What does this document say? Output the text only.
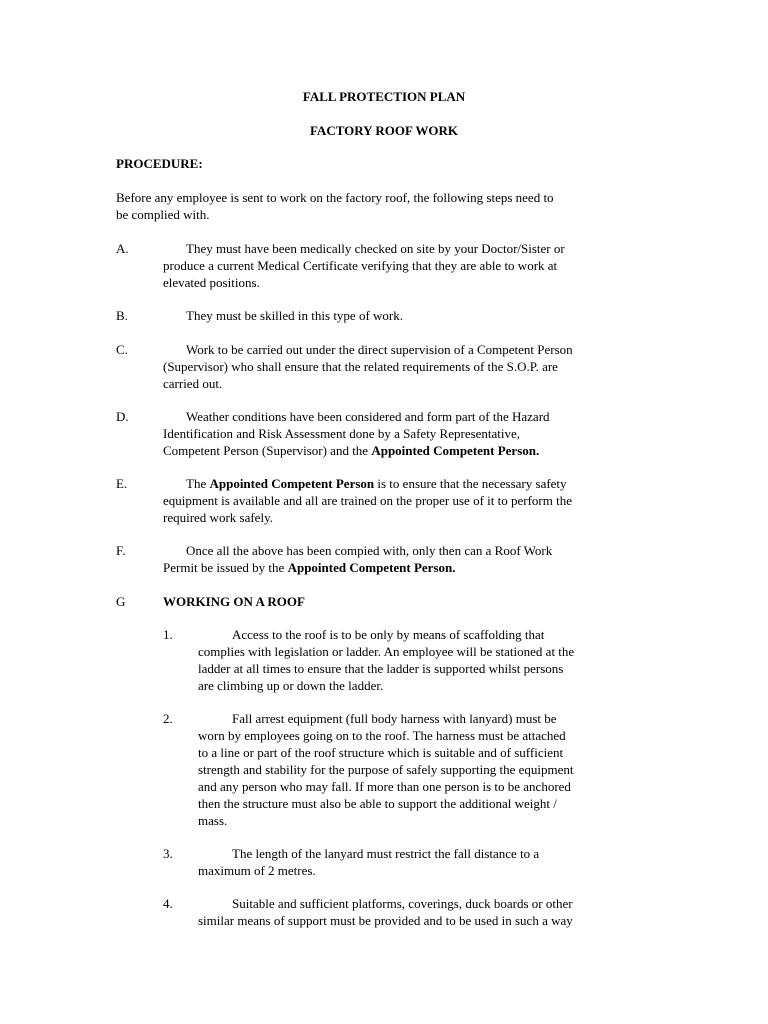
FALL PROTECTION PLAN

FACTORY ROOF WORK

PROCEDURE:

Before any employee is sent to work on the factory roof, the following steps need to

be complied with.

A.	They must have been medically checked on site by your Doctor/Sister or

produce a current Medical Certificate verifying that they are able to work at

elevated positions.

B.	They must be skilled in this type of work.

C.	Work to be carried out under the direct supervision of a Competent Person

(Supervisor) who shall ensure that the related requirements of the S.O.P. are

carried out.

D.	Weather conditions have been considered and form part of the Hazard

Identification and Risk Assessment done by a Safety Representative,

Competent Person (Supervisor) and the Appointed Competent Person.

E.	The Appointed Competent Person is to ensure that the necessary safety

equipment is available and all are trained on the proper use of it to perform the

required work safely.

F.	Once all the above has been compied with, only then can a Roof Work

Permit be issued by the Appointed Competent Person.

G	WORKING ON A ROOF

1.	Access to the roof is to be only by means of scaffolding that

complies with legislation or ladder. An employee will be stationed at the

ladder at all times to ensure that the ladder is supported whilst persons

are climbing up or down the ladder.

2.	Fall arrest equipment (full body harness with lanyard) must be

worn by employees going on to the roof. The harness must be attached

to a line or part of the roof structure which is suitable and of sufficient

strength and stability for the purpose of safely supporting the equipment

and any person who may fall. If more than one person is to be anchored

then the structure must also be able to support the additional weight /

mass.

3.	The length of the lanyard must restrict the fall distance to a

maximum of 2 metres.

4.	Suitable and sufficient platforms, coverings, duck boards or other

similar means of support must be provided and to be used in such a way
